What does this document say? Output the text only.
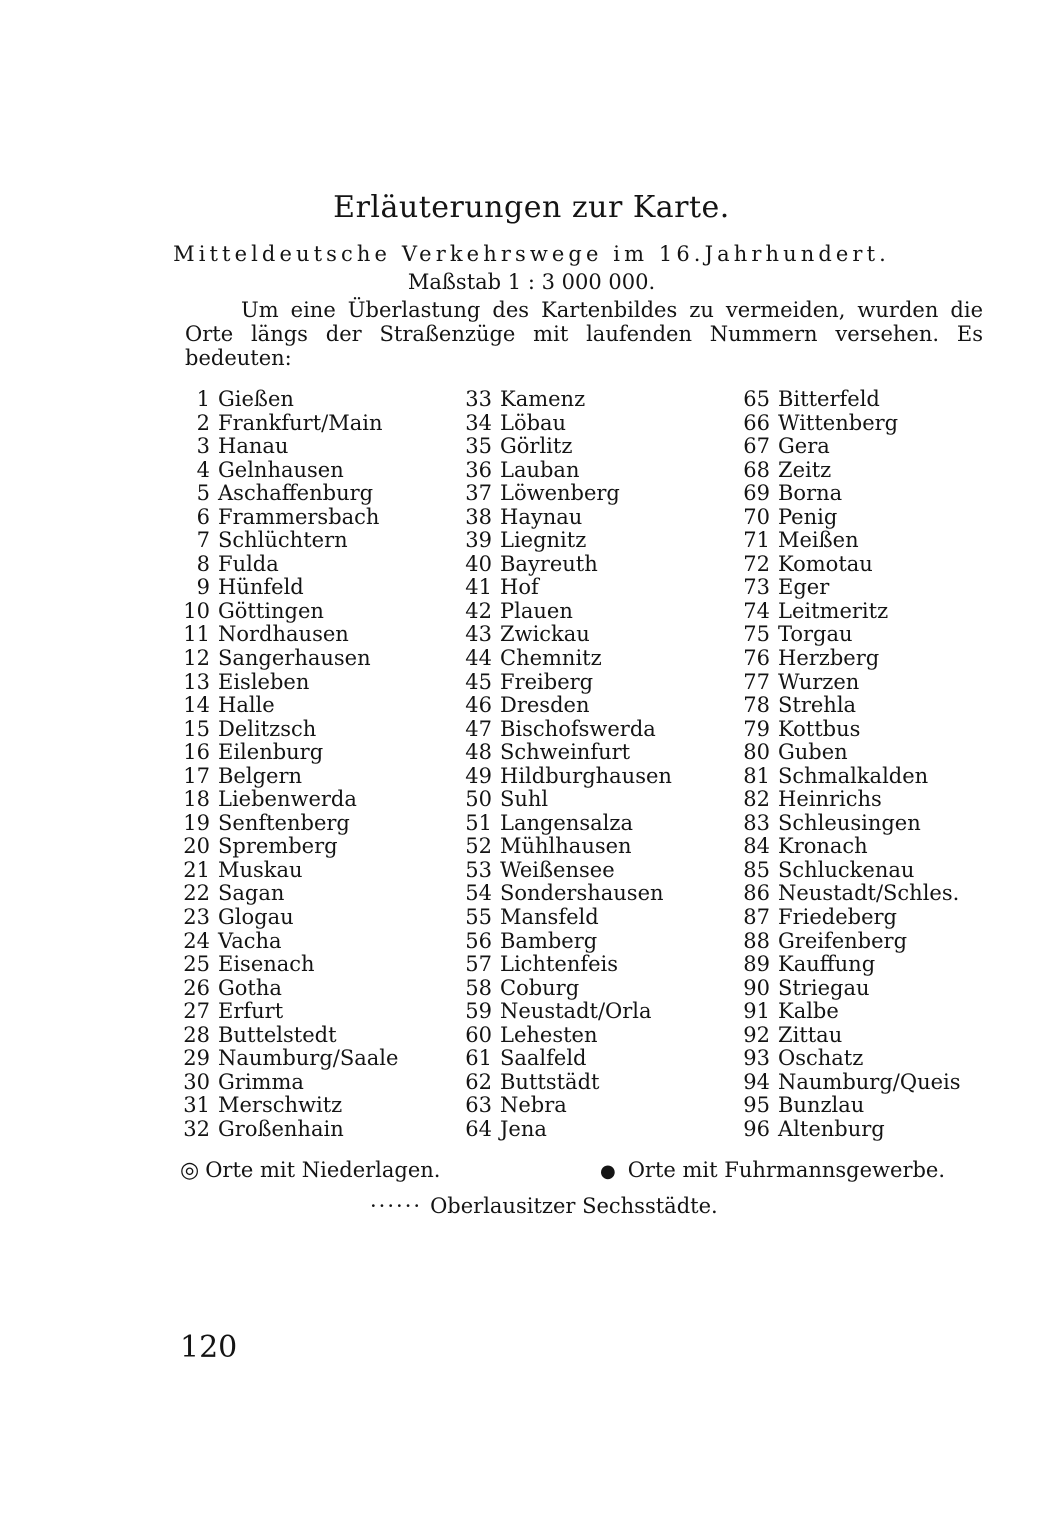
Erläuterungen zur Karte.
Mitteldeutsche Verkehrswege im 16.Jahrhundert.
Maßstab 1 : 3 000 000.
Um eine Überlastung des Kartenbildes zu vermeiden, wurden die Orte längs der Straßenzüge mit laufenden Nummern versehen. Es bedeuten:
1 Gießen
2 Frankfurt/Main
3 Hanau
4 Gelnhausen
5 Aschaffenburg
6 Frammersbach
7 Schlüchtern
8 Fulda
9 Hünfeld
10 Göttingen
11 Nordhausen
12 Sangerhausen
13 Eisleben
14 Halle
15 Delitzsch
16 Eilenburg
17 Belgern
18 Liebenwerda
19 Senftenberg
20 Spremberg
21 Muskau
22 Sagan
23 Glogau
24 Vacha
25 Eisenach
26 Gotha
27 Erfurt
28 Buttelstedt
29 Naumburg/Saale
30 Grimma
31 Merschwitz
32 Großenhain
33 Kamenz
34 Löbau
35 Görlitz
36 Lauban
37 Löwenberg
38 Haynau
39 Liegnitz
40 Bayreuth
41 Hof
42 Plauen
43 Zwickau
44 Chemnitz
45 Freiberg
46 Dresden
47 Bischofswerda
48 Schweinfurt
49 Hildburghausen
50 Suhl
51 Langensalza
52 Mühlhausen
53 Weißensee
54 Sondershausen
55 Mansfeld
56 Bamberg
57 Lichtenfeis
58 Coburg
59 Neustadt/Orla
60 Lehesten
61 Saalfeld
62 Buttstädt
63 Nebra
64 Jena
65 Bitterfeld
66 Wittenberg
67 Gera
68 Zeitz
69 Borna
70 Penig
71 Meißen
72 Komotau
73 Eger
74 Leitmeritz
75 Torgau
76 Herzberg
77 Wurzen
78 Strehla
79 Kottbus
80 Guben
81 Schmalkalden
82 Heinrichs
83 Schleusingen
84 Kronach
85 Schluckenau
86 Neustadt/Schles.
87 Friedeberg
88 Greifenberg
89 Kauffung
90 Striegau
91 Kalbe
92 Zittau
93 Oschatz
94 Naumburg/Queis
95 Bunzlau
96 Altenburg
◎ Orte mit Niederlagen.	● Orte mit Fuhrmannsgewerbe.
······ Oberlausitzer Sechsstädte.
120
